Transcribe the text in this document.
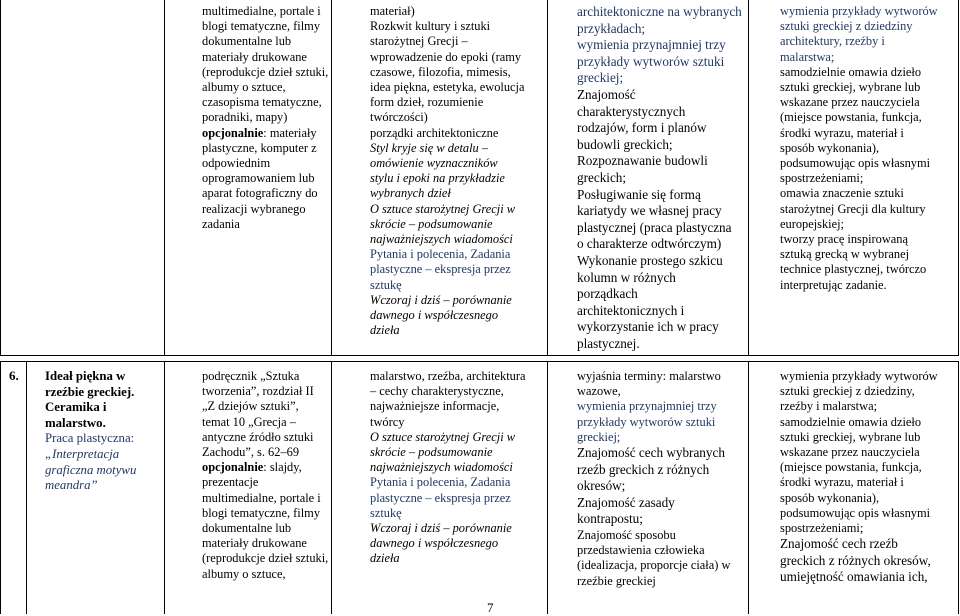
multimedialne, portale i
blogi tematyczne, filmy
dokumentalne lub
materiały drukowane
(reprodukcje dzieł sztuki,
albumy o sztuce,
czasopisma tematyczne,
poradniki, mapy)
opcjonalnie: materiały
plastyczne, komputer z
odpowiednim
oprogramowaniem lub
aparat fotograficzny do
realizacji wybranego
zadania
materiał)
Rozkwit kultury i sztuki
starożytnej Grecji –
wprowadzenie do epoki (ramy
czasowe, filozofia, mimesis,
idea piękna, estetyka, ewolucja
form dzieł, rozumienie
twórczości)
porządki architektoniczne
Styl kryje się w detalu –
omówienie wyznaczników
stylu i epoki na przykładzie
wybranych dzieł
O sztuce starożytnej Grecji w
skrócie – podsumowanie
najważniejszych wiadomości
Pytania i polecenia, Zadania
plastyczne – ekspresja przez
sztukę
Wczoraj i dziś – porównanie
dawnego i współczesnego
dzieła
architektoniczne na wybranych
przykładach;
wymienia przynajmniej trzy
przykłady wytworów sztuki
greckiej;
Znajomość
charakterystycznych
rodzajów, form i planów
budowli greckich;
Rozpoznawanie budowli
greckich;
Posługiwanie się formą
kariatydy we własnej pracy
plastycznej (praca plastyczna
o charakterze odtwórczym)
Wykonanie prostego szkicu
kolumn w różnych
porządkach
architektonicznych i
wykorzystanie ich w pracy
plastycznej.
wymienia przykłady wytworów
sztuki greckiej z dziedziny
architektury, rzeźby i
malarstwa;
samodzielnie omawia dzieło
sztuki greckiej, wybrane lub
wskazane przez nauczyciela
(miejsce powstania, funkcja,
środki wyrazu, materiał i
sposób wykonania),
podsumowując opis własnymi
spostrzeżeniami;
omawia znaczenie sztuki
starożytnej Grecji dla kultury
europejskiej;
tworzy pracę inspirowaną
sztuką grecką w wybranej
technice plastycznej, twórczo
interpretując zadanie.
6. Ideał piękna w
rzeźbie greckiej.
Ceramika i
malarstwo.
Praca plastyczna:
„Interpretacja
graficzna motywu
meandra”
podręcznik „Sztuka
tworzenia”, rozdział II
„Z dziejów sztuki”,
temat 10 „Grecja –
antyczne źródło sztuki
Zachodu”, s. 62–69
opcjonalnie: slajdy,
prezentacje
multimedialne, portale i
blogi tematyczne, filmy
dokumentalne lub
materiały drukowane
(reprodukcje dzieł sztuki,
albumy o sztuce,
malarstwo, rzeźba, architektura
– cechy charakterystyczne,
najważniejsze informacje,
twórcy
O sztuce starożytnej Grecji w
skrócie – podsumowanie
najważniejszych wiadomości
Pytania i polecenia, Zadania
plastyczne – ekspresja przez
sztukę
Wczoraj i dziś – porównanie
dawnego i współczesnego
dzieła
wyjaśnia terminy: malarstwo
wazowe,
wymienia przynajmniej trzy
przykłady wytworów sztuki
greckiej;
Znajomość cech wybranych
rzeźb greckich z różnych
okresów;
Znajomość zasady
kontrapostu;
Znajomość sposobu
przedstawienia człowieka
(idealizacja, proporcje ciała) w
rzeźbie greckiej
wymienia przykłady wytworów
sztuki greckiej z dziedziny,
rzeźby i malarstwa;
samodzielnie omawia dzieło
sztuki greckiej, wybrane lub
wskazane przez nauczyciela
(miejsce powstania, funkcja,
środki wyrazu, materiał i
sposób wykonania),
podsumowując opis własnymi
spostrzeżeniami;
Znajomość cech rzeźb
greckich z różnych okresów,
umiejętność omawiania ich,
7
